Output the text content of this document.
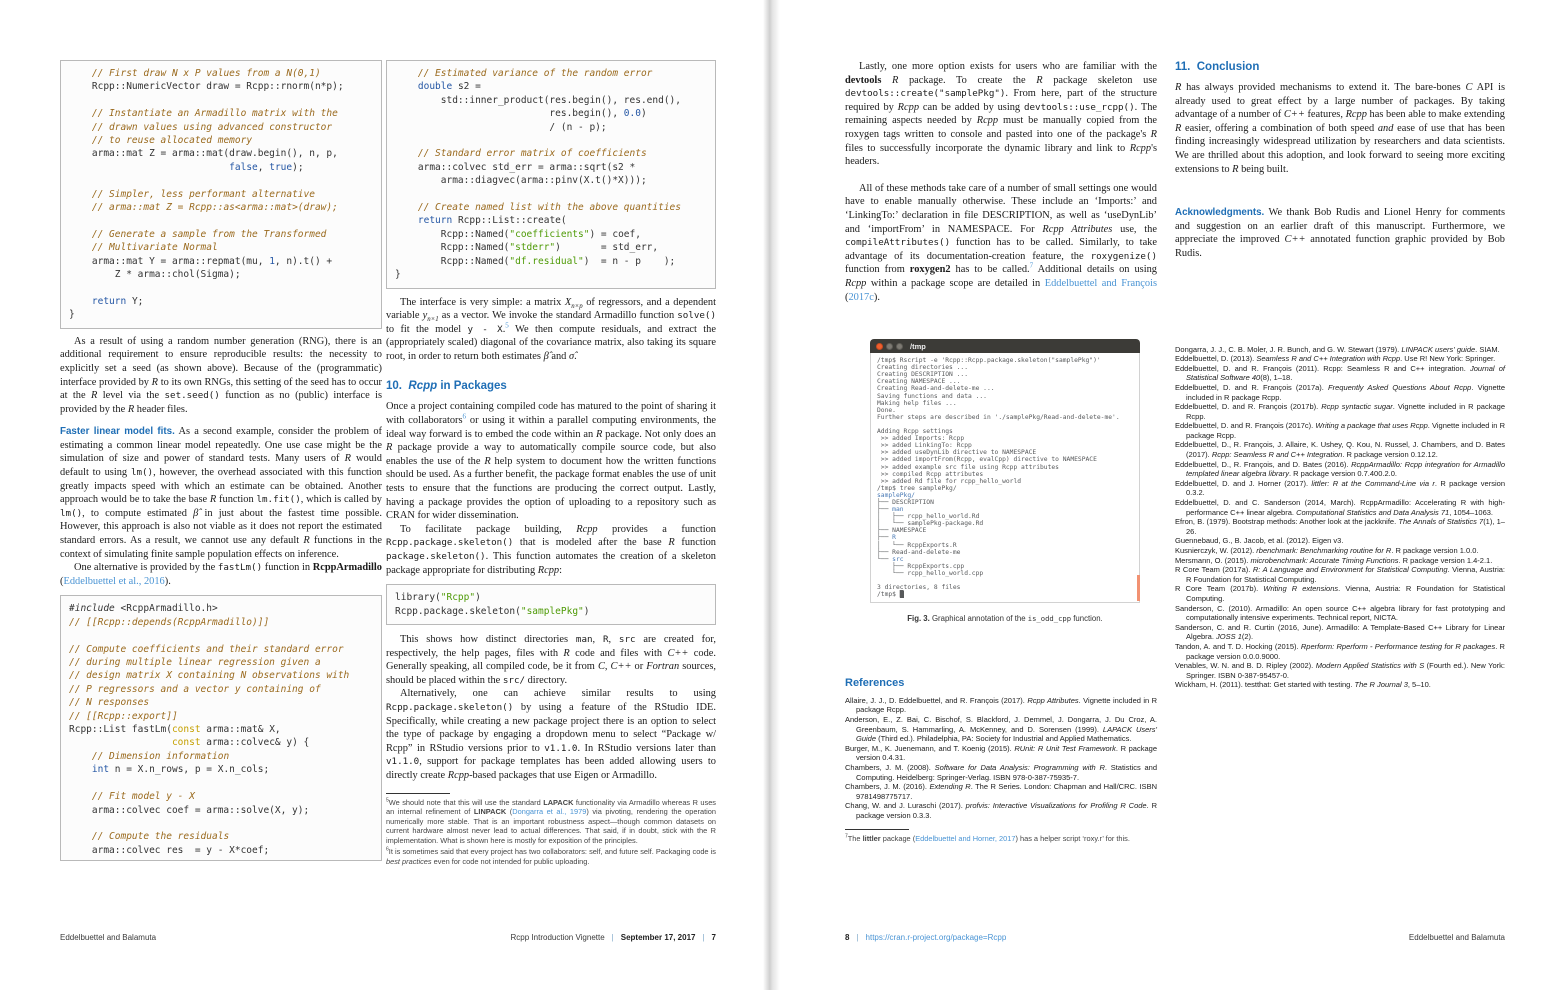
// First draw N x P values from a N(0,1)
Rcpp::NumericVector draw = Rcpp::rnorm(n*p);

// Instantiate an Armadillo matrix with the
// drawn values using advanced constructor
// to reuse allocated memory
arma::mat Z = arma::mat(draw.begin(), n, p,
false, true);

// Simpler, less performant alternative
// arma::mat Z = Rcpp::as<arma::mat>(draw);

// Generate a sample from the Transformed
// Multivariate Normal
arma::mat Y = arma::repmat(mu, 1, n).t() +
Z * arma::chol(Sigma);

return Y;
}
As a result of using a random number generation (RNG), there is an additional requirement to ensure reproducible results: the necessity to explicitly set a seed (as shown above). Because of the (programmatic) interface provided by R to its own RNGs, this setting of the seed has to occur at the R level via the set.seed() function as no (public) interface is provided by the R header files.
Faster linear model fits. As a second example, consider the problem of estimating a common linear model repeatedly. One use case might be the simulation of size and power of standard tests. Many users of R would default to using lm(), however, the overhead associated with this function greatly impacts speed with which an estimate can be obtained. Another approach would be to take the base R function lm.fit(), which is called by lm(), to compute estimated β̂ in just about the fastest time possible. However, this approach is also not viable as it does not report the estimated standard errors. As a result, we cannot use any default R functions in the context of simulating finite sample population effects on inference.
One alternative is provided by the fastLm() function in RcppArmadillo (Eddelbuettel et al., 2016).
#include <RcppArmadillo.h>
// [[Rcpp::depends(RcppArmadillo)]]

// Compute coefficients and their standard error
// during multiple linear regression given a
// design matrix X containing N observations with
// P regressors and a vector y containing of
// N responses
// [[Rcpp::export]]
Rcpp::List fastLm(const arma::mat& X,
const arma::colvec& y) {
// Dimension information
int n = X.n_rows, p = X.n_cols;

// Fit model y - X
arma::colvec coef = arma::solve(X, y);

// Compute the residuals
arma::colvec res  = y - X*coef;
// Estimated variance of the random error
double s2 =
std::inner_product(res.begin(), res.end(),
res.begin(), 0.0)
/ (n - p);

// Standard error matrix of coefficients
arma::colvec std_err = arma::sqrt(s2 *
arma::diagvec(arma::pinv(X.t()*X)));

// Create named list with the above quantities
return Rcpp::List::create(
Rcpp::Named("coefficients") = coef,
Rcpp::Named("stderr")       = std_err,
Rcpp::Named("df.residual")  = n - p    );
}
The interface is very simple: a matrix $X_{n\times p}$ of regressors, and a dependent variable $y_{n\times 1}$ as a vector. We invoke the standard Armadillo function solve() to fit the model y - X.$^5$ We then compute residuals, and extract the (appropriately scaled) diagonal of the covariance matrix, also taking its square root, in order to return both estimates β̂ and σ̂.
10.  Rcpp in Packages
Once a project containing compiled code has matured to the point of sharing it with collaborators$^6$ or using it within a parallel computing environments, the ideal way forward is to embed the code within an R package. Not only does an R package provide a way to automatically compile source code, but also enables the use of the R help system to document how the written functions should be used. As a further benefit, the package format enables the use of unit tests to ensure that the functions are producing the correct output. Lastly, having a package provides the option of uploading to a repository such as CRAN for wider dissemination.
To facilitate package building, Rcpp provides a function Rcpp.package.skeleton() that is modeled after the base R function package.skeleton(). This function automates the creation of a skeleton package appropriate for distributing Rcpp:
library("Rcpp")
Rcpp.package.skeleton("samplePkg")
This shows how distinct directories man, R, src are created for, respectively, the help pages, files with R code and files with C++ code. Generally speaking, all compiled code, be it from C, C++ or Fortran sources, should be placed within the src/ directory.
Alternatively, one can achieve similar results to using Rcpp.package.skeleton() by using a feature of the RStudio IDE. Specifically, while creating a new package project there is an option to select the type of package by engaging a dropdown menu to select “Package w/ Rcpp” in RStudio versions prior to v1.1.0. In RStudio versions later than v1.1.0, support for package templates has been added allowing users to directly create Rcpp-based packages that use Eigen or Armadillo.
$^5$We should note that this will use the standard LAPACK functionality via Armadillo whereas R uses an internal refinement of LINPACK (Dongarra et al., 1979) via pivoting, rendering the operation numerically more stable. That is an important robustness aspect—though common datasets on current hardware almost never lead to actual differences. That said, if in doubt, stick with the R implementation. What is shown here is mostly for exposition of the principles.
$^6$It is sometimes said that every project has two collaborators: self, and future self. Packaging code is best practices even for code not intended for public uploading.
Eddelbuettel and Balamuta	Rcpp Introduction Vignette | September 17, 2017 | 7
Lastly, one more option exists for users who are familiar with the devtools R package. To create the R package skeleton use devtools::create("samplePkg"). From here, part of the structure required by Rcpp can be added by using devtools::use_rcpp(). The remaining aspects needed by Rcpp must be manually copied from the roxygen tags written to console and pasted into one of the package's R files to successfully incorporate the dynamic library and link to Rcpp's headers.
All of these methods take care of a number of small settings one would have to enable manually otherwise. These include an ‘Imports:’ and ‘LinkingTo:’ declaration in file DESCRIPTION, as well as ‘useDynLib’ and ‘importFrom’ in NAMESPACE. For Rcpp Attributes use, the compileAttributes() function has to be called. Similarly, to take advantage of its documentation-creation feature, the roxygenize() function from roxygen2 has to be called.$^7$ Additional details on using Rcpp within a package scope are detailed in Eddelbuettel and François (2017c).
/tmp
/tmp$ Rscript -e 'Rcpp::Rcpp.package.skeleton("samplePkg")'
Creating directories ...
Creating DESCRIPTION ...
Creating NAMESPACE ...
Creating Read-and-delete-me ...
Saving functions and data ...
Making help files ...
Done.
Further steps are described in './samplePkg/Read-and-delete-me'.

Adding Rcpp settings
>> added Imports: Rcpp
>> added LinkingTo: Rcpp
>> added useDynLib directive to NAMESPACE
>> added importFrom(Rcpp, evalCpp) directive to NAMESPACE
>> added example src file using Rcpp attributes
>> compiled Rcpp attributes
>> added Rd file for rcpp_hello_world
/tmp$ tree samplePkg/
samplePkg/
├── DESCRIPTION
├── man
│   ├── rcpp_hello_world.Rd
│   └── samplePkg-package.Rd
├── NAMESPACE
├── R
│   └── RcppExports.R
├── Read-and-delete-me
└── src
├── RcppExports.cpp
└── rcpp_hello_world.cpp

3 directories, 8 files
/tmp$ █
Fig. 3. Graphical annotation of the is_odd_cpp function.
References
Allaire, J. J., D. Eddelbuettel, and R. François (2017). Rcpp Attributes. Vignette included in R package Rcpp.
Anderson, E., Z. Bai, C. Bischof, S. Blackford, J. Demmel, J. Dongarra, J. Du Croz, A. Greenbaum, S. Hammarling, A. McKenney, and D. Sorensen (1999). LAPACK Users' Guide (Third ed.). Philadelphia, PA: Society for Industrial and Applied Mathematics.
Burger, M., K. Juenemann, and T. Koenig (2015). RUnit: R Unit Test Framework. R package version 0.4.31.
Chambers, J. M. (2008). Software for Data Analysis: Programming with R. Statistics and Computing. Heidelberg: Springer-Verlag. ISBN 978-0-387-75935-7.
Chambers, J. M. (2016). Extending R. The R Series. London: Chapman and Hall/CRC. ISBN 9781498775717.
Chang, W. and J. Luraschi (2017). profvis: Interactive Visualizations for Profiling R Code. R package version 0.3.3.
$^7$The littler package (Eddelbuettel and Horner, 2017) has a helper script ‘roxy.r’ for this.
11.  Conclusion
R has always provided mechanisms to extend it. The bare-bones C API is already used to great effect by a large number of packages. By taking advantage of a number of C++ features, Rcpp has been able to make extending R easier, offering a combination of both speed and ease of use that has been finding increasingly widespread utilization by researchers and data scientists. We are thrilled about this adoption, and look forward to seeing more exciting extensions to R being built.
Acknowledgments. We thank Bob Rudis and Lionel Henry for comments and suggestion on an earlier draft of this manuscript. Furthermore, we appreciate the improved C++ annotated function graphic provided by Bob Rudis.
Dongarra, J. J., C. B. Moler, J. R. Bunch, and G. W. Stewart (1979). LINPACK users' guide. SIAM.
Eddelbuettel, D. (2013). Seamless R and C++ Integration with Rcpp. Use R! New York: Springer.
Eddelbuettel, D. and R. François (2011). Rcpp: Seamless R and C++ integration. Journal of Statistical Software 40(8), 1–18.
Eddelbuettel, D. and R. François (2017a). Frequently Asked Questions About Rcpp. Vignette included in R package Rcpp.
Eddelbuettel, D. and R. François (2017b). Rcpp syntactic sugar. Vignette included in R package Rcpp.
Eddelbuettel, D. and R. François (2017c). Writing a package that uses Rcpp. Vignette included in R package Rcpp.
Eddelbuettel, D., R. François, J. Allaire, K. Ushey, Q. Kou, N. Russel, J. Chambers, and D. Bates (2017). Rcpp: Seamless R and C++ Integration. R package version 0.12.12.
Eddelbuettel, D., R. François, and D. Bates (2016). RcppArmadillo: Rcpp integration for Armadillo templated linear algebra library. R package version 0.7.400.2.0.
Eddelbuettel, D. and J. Horner (2017). littler: R at the Command-Line via r. R package version 0.3.2.
Eddelbuettel, D. and C. Sanderson (2014, March). RcppArmadillo: Accelerating R with high-performance C++ linear algebra. Computational Statistics and Data Analysis 71, 1054–1063.
Efron, B. (1979). Bootstrap methods: Another look at the jackknife. The Annals of Statistics 7(1), 1–26.
Guennebaud, G., B. Jacob, et al. (2012). Eigen v3.
Kusnierczyk, W. (2012). rbenchmark: Benchmarking routine for R. R package version 1.0.0.
Mersmann, O. (2015). microbenchmark: Accurate Timing Functions. R package version 1.4-2.1.
R Core Team (2017a). R: A Language and Environment for Statistical Computing. Vienna, Austria: R Foundation for Statistical Computing.
R Core Team (2017b). Writing R extensions. Vienna, Austria: R Foundation for Statistical Computing.
Sanderson, C. (2010). Armadillo: An open source C++ algebra library for fast prototyping and computationally intensive experiments. Technical report, NICTA.
Sanderson, C. and R. Curtin (2016, June). Armadillo: A Template-Based C++ Library for Linear Algebra. JOSS 1(2).
Tandon, A. and T. D. Hocking (2015). Rperform: Rperform - Performance testing for R packages. R package version 0.0.0.9000.
Venables, W. N. and B. D. Ripley (2002). Modern Applied Statistics with S (Fourth ed.). New York: Springer. ISBN 0-387-95457-0.
Wickham, H. (2011). testthat: Get started with testing. The R Journal 3, 5–10.
8 | https://cran.r-project.org/package=Rcpp	Eddelbuettel and Balamuta
